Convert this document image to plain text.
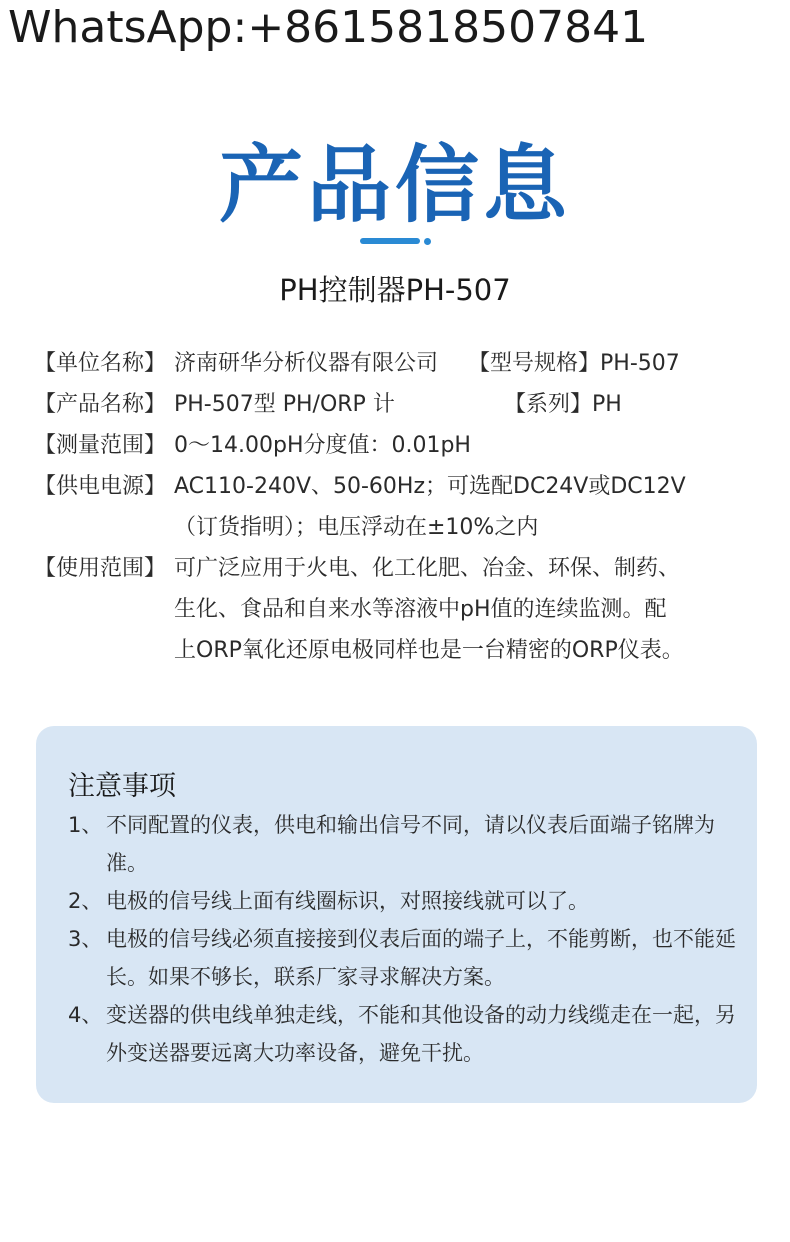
WhatsApp:+8615818507841
产品信息
PH控制器PH-507
【单位名称】 济南研华分析仪器有限公司 【型号规格】 PH-507
【产品名称】 PH-507型 PH/ORP 计	【系列】 PH
【测量范围】 0～14.00pH分度值：0.01pH
【供电电源】 AC110-240V、50-60Hz；可选配DC24V或DC12V
（订货指明）；电压浮动在±10%之内
【使用范围】 可广泛应用于火电、化工化肥、冶金、环保、制药、
生化、食品和自来水等溶液中pH值的连续监测。配
上ORP氧化还原电极同样也是一台精密的ORP仪表。
注意事项
1、 不同配置的仪表，供电和输出信号不同，请以仪表后面端子铭牌为准。
2、 电极的信号线上面有线圈标识，对照接线就可以了。
3、 电极的信号线必须直接接到仪表后面的端子上，不能剪断，也不能延长。如果不够长，联系厂家寻求解决方案。
4、 变送器的供电线单独走线，不能和其他设备的动力线缆走在一起，另外变送器要远离大功率设备，避免干扰。
